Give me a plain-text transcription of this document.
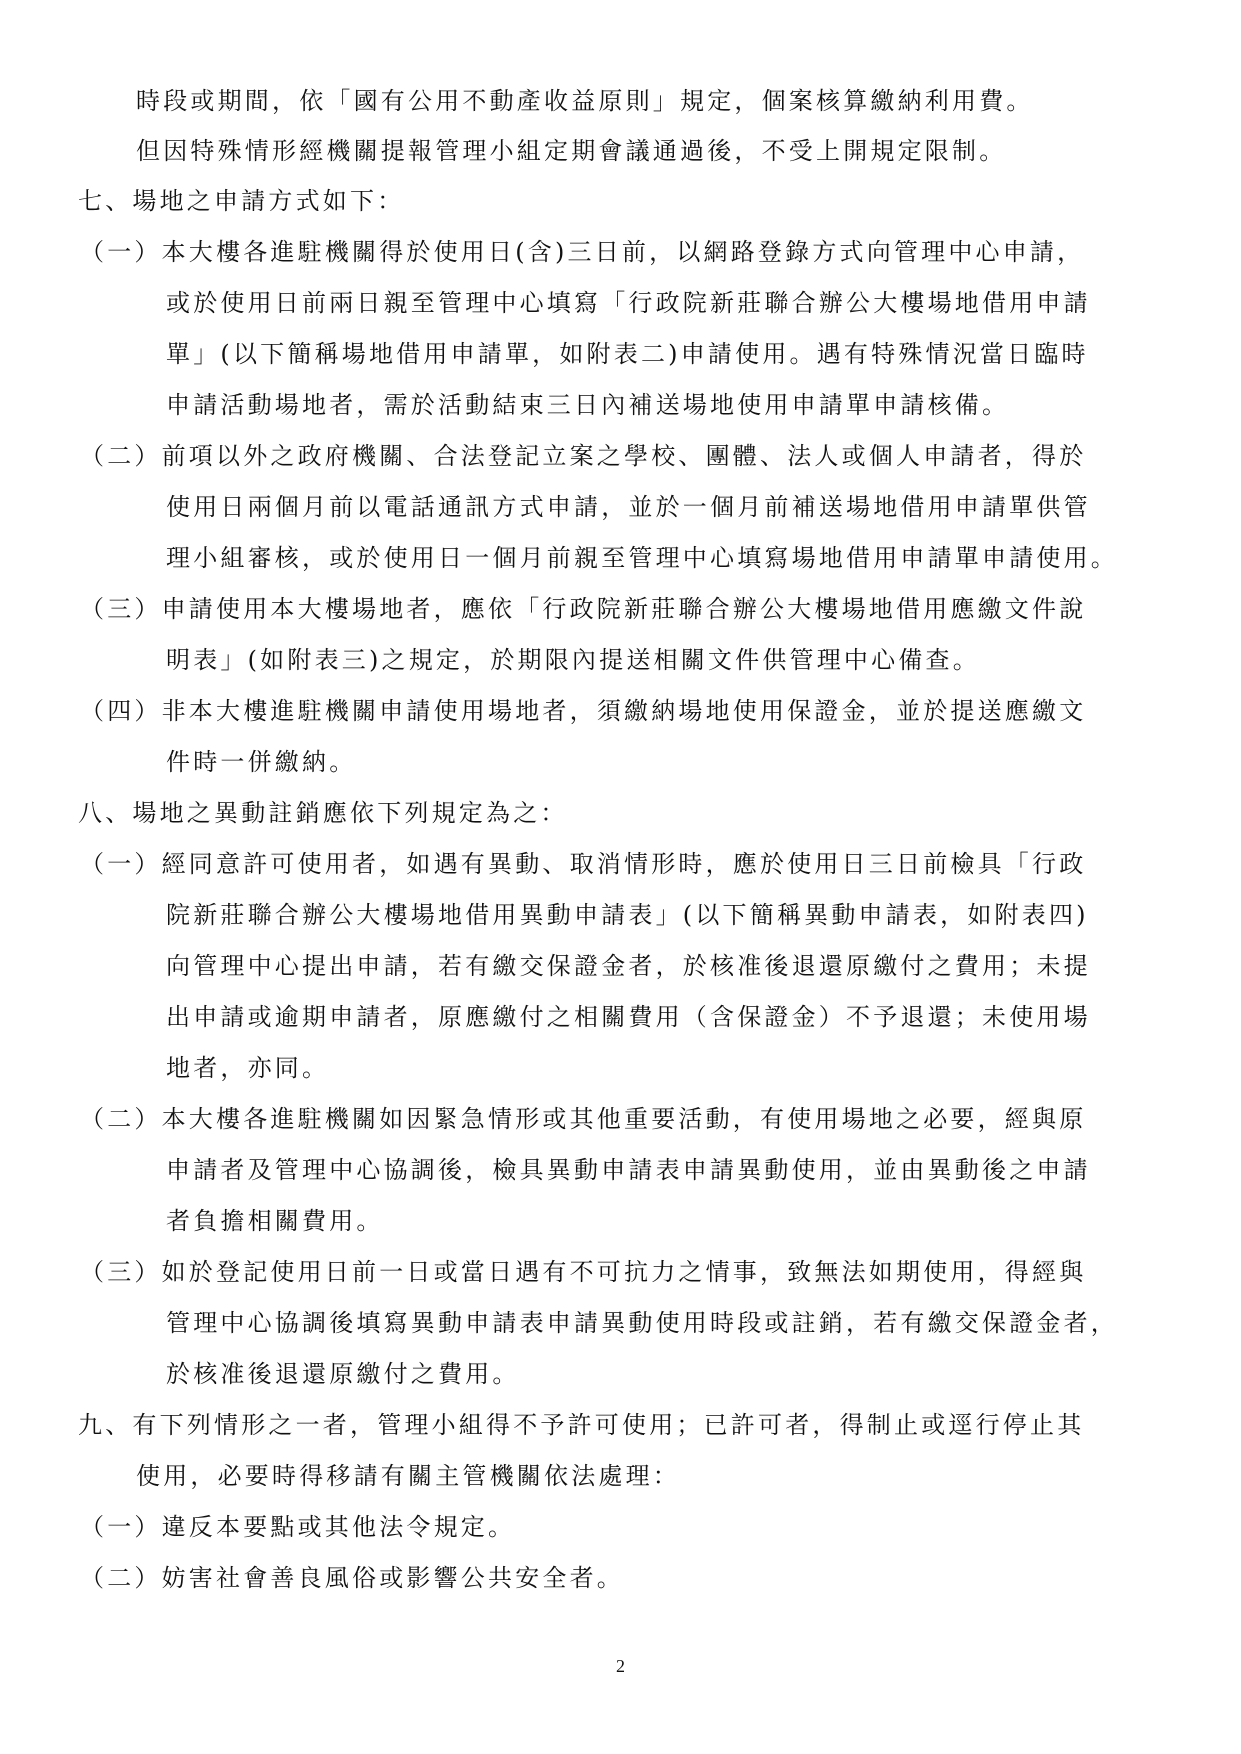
時段或期間，依「國有公用不動產收益原則」規定，個案核算繳納利用費。
但因特殊情形經機關提報管理小組定期會議通過後，不受上開規定限制。
七、場地之申請方式如下：
（一）本大樓各進駐機關得於使用日(含)三日前，以網路登錄方式向管理中心申請，
或於使用日前兩日親至管理中心填寫「行政院新莊聯合辦公大樓場地借用申請
單」(以下簡稱場地借用申請單，如附表二)申請使用。遇有特殊情況當日臨時
申請活動場地者，需於活動結束三日內補送場地使用申請單申請核備。
（二）前項以外之政府機關、合法登記立案之學校、團體、法人或個人申請者，得於
使用日兩個月前以電話通訊方式申請，並於一個月前補送場地借用申請單供管
理小組審核，或於使用日一個月前親至管理中心填寫場地借用申請單申請使用。
（三）申請使用本大樓場地者，應依「行政院新莊聯合辦公大樓場地借用應繳文件說
明表」(如附表三)之規定，於期限內提送相關文件供管理中心備查。
（四）非本大樓進駐機關申請使用場地者，須繳納場地使用保證金，並於提送應繳文
件時一併繳納。
八、場地之異動註銷應依下列規定為之：
（一）經同意許可使用者，如遇有異動、取消情形時，應於使用日三日前檢具「行政
院新莊聯合辦公大樓場地借用異動申請表」(以下簡稱異動申請表，如附表四)
向管理中心提出申請，若有繳交保證金者，於核准後退還原繳付之費用；未提
出申請或逾期申請者，原應繳付之相關費用（含保證金）不予退還；未使用場
地者，亦同。
（二）本大樓各進駐機關如因緊急情形或其他重要活動，有使用場地之必要，經與原
申請者及管理中心協調後，檢具異動申請表申請異動使用，並由異動後之申請
者負擔相關費用。
（三）如於登記使用日前一日或當日遇有不可抗力之情事，致無法如期使用，得經與
管理中心協調後填寫異動申請表申請異動使用時段或註銷，若有繳交保證金者，
於核准後退還原繳付之費用。
九、有下列情形之一者，管理小組得不予許可使用；已許可者，得制止或逕行停止其
使用，必要時得移請有關主管機關依法處理：
（一）違反本要點或其他法令規定。
（二）妨害社會善良風俗或影響公共安全者。
2
